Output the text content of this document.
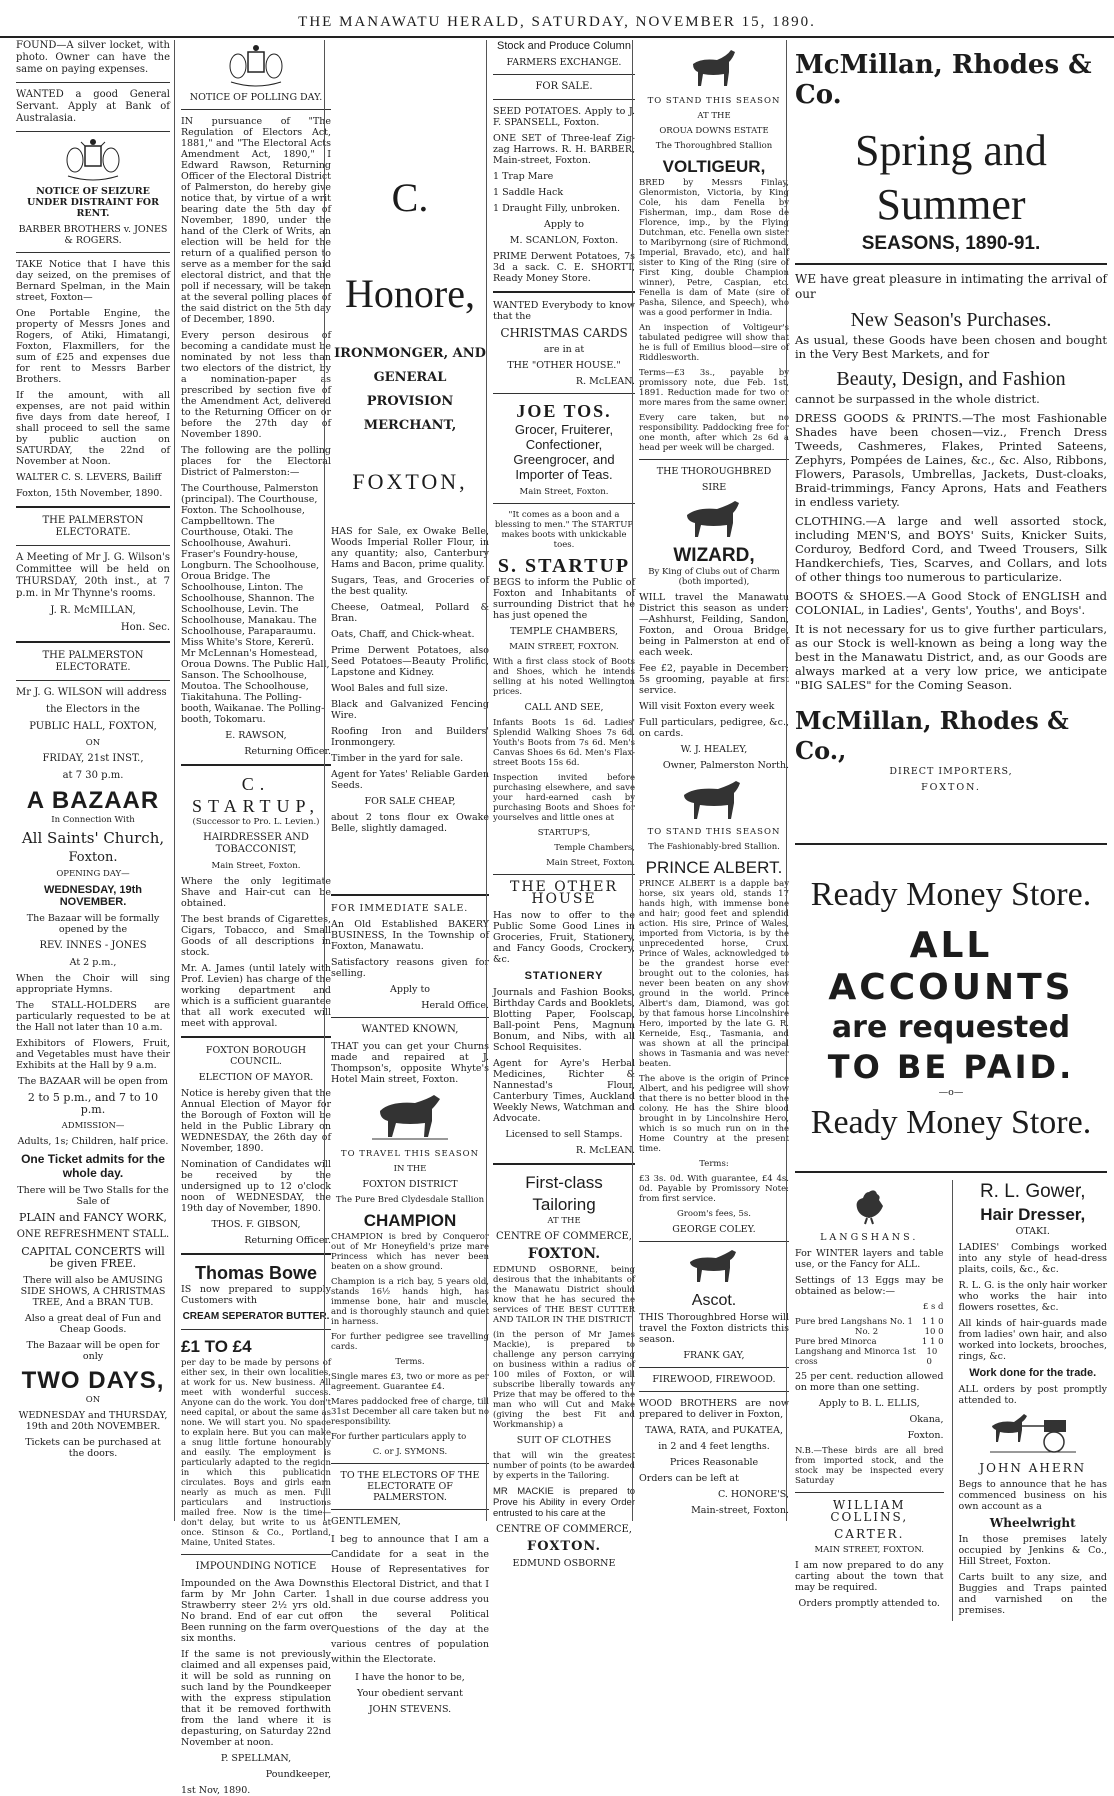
THE MANAWATU HERALD, SATURDAY, NOVEMBER 15, 1890.

FOUND—A silver locket, with photo. Owner can have the same on paying expenses.

WANTED a good General Servant. Apply at Bank of Australasia.

NOTICE OF SEIZURE UNDER DISTRAINT FOR RENT.

BARBER BROTHERS v. JONES & ROGERS.

TAKE Notice that I have this day seized, on the premises of Bernard Spelman, in the Main street, Foxton—

One Portable Engine, the property of Messrs Jones and Rogers, of Atiki, Himatangi, Foxton, Flaxmillers, for the sum of £25 and expenses due for rent to Messrs Barber Brothers.

If the amount, with all expenses, are not paid within five days from date hereof, I shall proceed to sell the same by public auction on SATURDAY, the 22nd of November at Noon.

WALTER C. S. LEVERS, Bailiff

Foxton, 15th November, 1890.

THE PALMERSTON ELECTORATE.

A Meeting of Mr J. G. Wilson's Committee will be held on THURSDAY, 20th inst., at 7 p.m. in Mr Thynne's rooms.

J. R. McMILLAN,

Hon. Sec.

THE PALMERSTON ELECTORATE.

Mr J. G. WILSON will address

the Electors in the

PUBLIC HALL, FOXTON,

ON

FRIDAY, 21st INST.,

at 7 30 p.m.

A BAZAAR

In Connection With

All Saints' Church,

Foxton.

OPENING DAY—

WEDNESDAY, 19th NOVEMBER.

The Bazaar will be formally opened by the

REV. INNES - JONES

At 2 p.m.,

When the Choir will sing appropriate Hymns.

The STALL-HOLDERS are particularly requested to be at the Hall not later than 10 a.m.

Exhibitors of Flowers, Fruit, and Vegetables must have their Exhibits at the Hall by 9 a.m.

The BAZAAR will be open from

2 to 5 p.m., and 7 to 10 p.m.

ADMISSION—

Adults, 1s; Children, half price.

One Ticket admits for the whole day.

There will be Two Stalls for the Sale of

PLAIN and FANCY WORK,

ONE REFRESHMENT STALL.

CAPITAL CONCERTS will be given FREE.

There will also be AMUSING SIDE SHOWS, A CHRISTMAS TREE, And a BRAN TUB.

Also a great deal of Fun and Cheap Goods.

The Bazaar will be open for only

TWO DAYS,

ON

WEDNESDAY and THURSDAY, 19th and 20th NOVEMBER.

Tickets can be purchased at the doors.

NOTICE OF POLLING DAY.

IN pursuance of "The Regulation of Electors Act, 1881," and "The Electoral Acts Amendment Act, 1890," I Edward Rawson, Returning Officer of the Electoral District of Palmerston, do hereby give notice that, by virtue of a writ bearing date the 5th day of November, 1890, under the hand of the Clerk of Writs, an election will be held for the return of a qualified person to serve as a member for the said electoral district, and that the poll if necessary, will be taken at the several polling places of the said district on the 5th day of December, 1890.

Every person desirous of becoming a candidate must be nominated by not less than two electors of the district, by a nomination-paper as prescribed by section five of the Amendment Act, delivered to the Returning Officer on or before the 27th day of November 1890.

The following are the polling places for the Electoral District of Palmerston:—

The Courthouse, Palmerston (principal). The Courthouse, Foxton. The Schoolhouse, Campbelltown. The Courthouse, Otaki. The Schoolhouse, Awahuri. Fraser's Foundry-house, Longburn. The Schoolhouse, Oroua Bridge. The Schoolhouse, Linton. The Schoolhouse, Shannon. The Schoolhouse, Levin. The Schoolhouse, Manakau. The Schoolhouse, Paraparaumu. Miss White's Store, Kererū. Mr McLennan's Homestead, Oroua Downs. The Public Hall, Sanson. The Schoolhouse, Moutoa. The Schoolhouse, Tiakitahuna. The Polling-booth, Waikanae. The Polling-booth, Tokomaru.

E. RAWSON,

Returning Officer.

C. STARTUP,

(Successor to Pro. L. Levien.)

HAIRDRESSER AND TOBACCONIST,

Main Street, Foxton.

Where the only legitimate Shave and Hair-cut can be obtained.

The best brands of Cigarettes, Cigars, Tobacco, and Small Goods of all descriptions in stock.

Mr. A. James (until lately with Prof. Levien) has charge of the working department and which is a sufficient guarantee that all work executed will meet with approval.

FOXTON BOROUGH COUNCIL.

ELECTION OF MAYOR.

Notice is hereby given that the Annual Election of Mayor for the Borough of Foxton will be held in the Public Library on WEDNESDAY, the 26th day of November, 1890.

Nomination of Candidates will be received by the undersigned up to 12 o'clock noon of WEDNESDAY, the 19th day of November, 1890.

THOS. F. GIBSON,

Returning Officer.

Thomas Bowe

IS now prepared to supply Customers with

CREAM SEPERATOR BUTTER.

£1 TO £4

per day to be made by persons of either sex, in their own localities, at work for us. New business. All meet with wonderful success. Anyone can do the work. You don't need capital, or about the same as none. We will start you. No space to explain here. But you can make a snug little fortune honourably and easily. The employment is particularly adapted to the region in which this publication circulates. Boys and girls earn nearly as much as men. Full particulars and instructions mailed free. Now is the time—don't delay, but write to us at once. Stinson & Co., Portland, Maine, United States.

IMPOUNDING NOTICE

Impounded on the Awa Downs farm by Mr John Carter. 1 Strawberry steer 2½ yrs old. No brand. End of ear cut off Been running on the farm over six months.

If the same is not previously claimed and all expenses paid, it will be sold as running on such land by the Poundkeeper with the express stipulation that it be removed forthwith from the land where it is depasturing, on Saturday 22nd November at noon.

P. SPELLMAN,

Poundkeeper,

1st Nov, 1890.

C. Honore,

IRONMONGER, AND

GENERAL PROVISION

MERCHANT,

FOXTON,

HAS for Sale, ex Owake Belle, Woods Imperial Roller Flour, in any quantity; also, Canterbury Hams and Bacon, prime quality.

Sugars, Teas, and Groceries of the best quality.

Cheese, Oatmeal, Pollard & Bran.

Oats, Chaff, and Chick-wheat.

Prime Derwent Potatoes, also Seed Potatoes—Beauty Prolific, Lapstone and Kidney.

Wool Bales and full size.

Black and Galvanized Fencing Wire.

Roofing Iron and Builders' Ironmongery.

Timber in the yard for sale.

Agent for Yates' Reliable Garden Seeds.

FOR SALE CHEAP,

about 2 tons flour ex Owake Belle, slightly damaged.

FOR IMMEDIATE SALE.

An Old Established BAKERY BUSINESS, In the Township of Foxton, Manawatu.

Satisfactory reasons given for selling.

Apply to

Herald Office.

WANTED KNOWN,

THAT you can get your Churns made and repaired at J. Thompson's, opposite Whyte's Hotel Main street, Foxton.

TO TRAVEL THIS SEASON

IN THE

FOXTON DISTRICT

The Pure Bred Clydesdale Stallion

CHAMPION

CHAMPION is bred by Conqueror out of Mr Honeyfield's prize mare Princess which has never been beaten on a show ground.

Champion is a rich bay, 5 years old, stands 16½ hands high, has immense bone, hair and muscle, and is thoroughly staunch and quiet in harness.

For further pedigree see travelling cards.

Terms.

Single mares £3, two or more as per agreement. Guarantee £4.

Mares paddocked free of charge, till 31st December all care taken but no responsibility.

For further particulars apply to

C. or J. SYMONS.

TO THE ELECTORS OF THE ELECTORATE OF PALMERSTON.

GENTLEMEN,

I beg to announce that I am a Candidate for a seat in the House of Representatives for this Electoral District, and that I shall in due course address you on the several Political Questions of the day at the various centres of population within the Electorate.

I have the honor to be,

Your obedient servant

JOHN STEVENS.

Stock and Produce Column

FARMERS EXCHANGE.

FOR SALE.

SEED POTATOES. Apply to J. F. SPANSELL, Foxton.

ONE SET of Three-leaf Zig-zag Harrows. R. H. BARBER, Main-street, Foxton.

1 Trap Mare

1 Saddle Hack

1 Draught Filly, unbroken.

Apply to

M. SCANLON, Foxton.

PRIME Derwent Potatoes, 7s 3d a sack. C. E. SHORTT, Ready Money Store.

WANTED Everybody to know that the

CHRISTMAS CARDS

are in at

THE "OTHER HOUSE."

R. McLEAN.

JOE TOS.

Grocer, Fruiterer, Confectioner, Greengrocer, and Importer of Teas.

Main Street, Foxton.

"It comes as a boon and a blessing to men." The STARTUP makes boots with unkickable toes.

S. STARTUP

BEGS to inform the Public of Foxton and Inhabitants of surrounding District that he has just opened the

TEMPLE CHAMBERS,

MAIN STREET, FOXTON.

With a first class stock of Boots and Shoes, which he intends selling at his noted Wellington prices.

CALL AND SEE,

Infants Boots 1s 6d. Ladies' Splendid Walking Shoes 7s 6d. Youth's Boots from 7s 6d. Men's Canvas Shoes 6s 6d. Men's Flax-street Boots 15s 6d.

Inspection invited before purchasing elsewhere, and save your hard-earned cash by purchasing Boots and Shoes for yourselves and little ones at

STARTUP'S,

Temple Chambers,

Main Street, Foxton.

THE OTHER HOUSE

Has now to offer to the Public Some Good Lines in Groceries, Fruit, Stationery, and Fancy Goods, Crockery, &c.

STATIONERY

Journals and Fashion Books, Birthday Cards and Booklets, Blotting Paper, Foolscap, Ball-point Pens, Magnum Bonum, and Nibs, with all School Requisites.

Agent for Ayre's Herbal Medicines, Richter & Nannestad's Flour, Canterbury Times, Auckland Weekly News, Watchman and Advocate.

Licensed to sell Stamps.

R. McLEAN.

First-class Tailoring

AT THE

CENTRE OF COMMERCE,

FOXTON.

EDMUND OSBORNE, being desirous that the inhabitants of the Manawatu District should know that he has secured the services of THE BEST CUTTER AND TAILOR IN THE DISTRICT

(in the person of Mr James Mackie), is prepared to challenge any person carrying on business within a radius of 100 miles of Foxton, or will subscribe liberally towards any Prize that may be offered to the man who will Cut and Make (giving the best Fit and Workmanship) a

SUIT OF CLOTHES

that will win the greatest number of points (to be awarded by experts in the Tailoring.

MR MACKIE is prepared to Prove his Ability in every Order entrusted to his care at the

CENTRE OF COMMERCE,

FOXTON.

EDMUND OSBORNE

TO STAND THIS SEASON

AT THE

OROUA DOWNS ESTATE

The Thoroughbred Stallion

VOLTIGEUR,

BRED by Messrs Finlay, Glenormiston, Victoria, by King Cole, his dam Fenella by Fisherman, imp., dam Rose de Florence, imp., by the Flying Dutchman, etc. Fenella own sister to Maribyrnong (sire of Richmond, Imperial, Bravado, etc), and half sister to King of the Ring (sire of First King, double Champion winner), Petre, Caspian, etc. Fenella is dam of Mate (sire of Pasha, Silence, and Speech), who was a good performer in India.

An inspection of Voltigeur's tabulated pedigree will show that he is full of Emilius blood—sire of Riddlesworth.

Terms—£3 3s., payable by promissory note, due Feb. 1st, 1891. Reduction made for two or more mares from the same owner.

Every care taken, but no responsibility. Paddocking free for one month, after which 2s 6d a head per week will be charged.

THE THOROUGHBRED

SIRE

WIZARD,

By King of Clubs out of Charm (both imported),

WILL travel the Manawatu District this season as under:—Ashhurst, Feilding, Sandon, Foxton, and Oroua Bridge, being in Palmerston at end of each week.

Fee £2, payable in December; 5s grooming, payable at first service.

Will visit Foxton every week

Full particulars, pedigree, &c., on cards.

W. J. HEALEY,

Owner, Palmerston North.

TO STAND THIS SEASON

The Fashionably-bred Stallion.

PRINCE ALBERT.

PRINCE ALBERT is a dapple bay horse, six years old, stands 17 hands high, with immense bone and hair; good feet and splendid action. His sire, Prince of Wales, imported from Victoria, is by the unprecedented horse, Crux. Prince of Wales, acknowledged to be the grandest horse ever brought out to the colonies, has never been beaten on any show ground in the world. Prince Albert's dam, Diamond, was got by that famous horse Lincolnshire Hero, imported by the late G. R. Kerneide, Esq., Tasmania, and was shown at all the principal shows in Tasmania and was never beaten.

The above is the origin of Prince Albert, and his pedigree will show that there is no better blood in the colony. He has the Shire blood brought in by Lincolnshire Hero, which is so much run on in the Home Country at the present time.

Terms:

£3 3s. 0d. With guarantee, £4 4s. 0d. Payable by Promissory Note: from first service.

Groom's fees, 5s.

GEORGE COLEY.

Ascot.

THIS Thoroughbred Horse will travel the Foxton districts this season.

FRANK GAY,

FIREWOOD, FIREWOOD.

WOOD BROTHERS are now prepared to deliver in Foxton,

TAWA, RATA, and PUKATEA,

in 2 and 4 feet lengths.

Prices Reasonable

Orders can be left at

C. HONORE'S,

Main-street, Foxton.

McMillan, Rhodes & Co.
Spring and Summer
SEASONS, 1890-91.

WE have great pleasure in intimating the arrival of our

New Season's Purchases.

As usual, these Goods have been chosen and bought in the Very Best Markets, and for

Beauty, Design, and Fashion

cannot be surpassed in the whole district.

DRESS GOODS & PRINTS.—The most Fashionable Shades have been chosen—viz., French Dress Tweeds, Cashmeres, Flakes, Printed Sateens, Zephyrs, Pompées de Laines, &c., &c. Also, Ribbons, Flowers, Parasols, Umbrellas, Jackets, Dust-cloaks, Braid-trimmings, Fancy Aprons, Hats and Feathers in endless variety.

CLOTHING.—A large and well assorted stock, including MEN'S, and BOYS' Suits, Knicker Suits, Corduroy, Bedford Cord, and Tweed Trousers, Silk Handkerchiefs, Ties, Scarves, and Collars, and lots of other things too numerous to particularize.

BOOTS & SHOES.—A Good Stock of ENGLISH and COLONIAL, in Ladies', Gents', Youths', and Boys'.

It is not necessary for us to give further particulars, as our Stock is well-known as being a long way the best in the Manawatu District, and, as our Goods are always marked at a very low price, we anticipate "BIG SALES" for the Coming Season.

McMillan, Rhodes & Co.,

DIRECT IMPORTERS,

FOXTON.

Ready Money Store.
ALL ACCOUNTS
are requested
TO BE PAID.

—o—

Ready Money Store.

LANGSHANS.

For WINTER layers and table use, or the Fancy for ALL.

Settings of 13 Eggs may be obtained as below:—

£ s d

Pure bred Langshans No. 1 1 1 0
No. 2	10 0
Pure bred Minorca	1 1 0
Langshang and Minorca 1st cross
10 0

25 per cent. reduction allowed on more than one setting.

Apply to B. L. ELLIS,

Okana,

Foxton.

N.B.—These birds are all bred from imported stock, and the stock may be inspected every Saturday

WILLIAM COLLINS,

CARTER.

MAIN STREET, FOXTON.

I am now prepared to do any carting about the town that may be required.

Orders promptly attended to.

R. L. Gower,
Hair Dresser,

OTAKI.

LADIES' Combings worked into any style of head-dress plaits, coils, &c., &c.

R. L. G. is the only hair worker who works the hair into flowers rosettes, &c.

All kinds of hair-guards made from ladies' own hair, and also worked into lockets, brooches, rings, &c.

Work done for the trade.

ALL orders by post promptly attended to.

JOHN AHERN

Begs to announce that he has commenced business on his own account as a

Wheelwright

In those premises lately occupied by Jenkins & Co., Hill Street, Foxton.

Carts built to any size, and Buggies and Traps painted and varnished on the premises.
